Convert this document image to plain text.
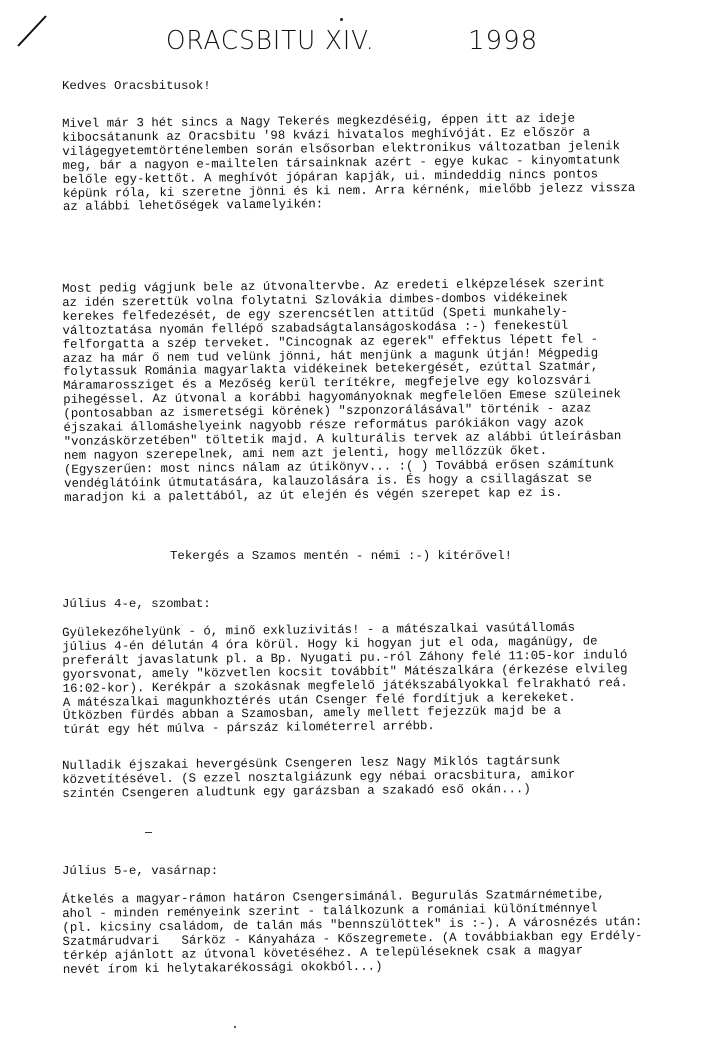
ORACSBITU XIV.	1998

Kedves Oracsbitusok!

Mivel már 3 hét sincs a Nagy Tekerés megkezdéséig, éppen itt az ideje
kibocsátanunk az Oracsbitu '98 kvázi hivatalos meghívóját. Ez először a
világegyetemtörténelemben során elsősorban elektronikus változatban jelenik
meg, bár a nagyon e-mailtelen társainknak azért - egye kukac - kinyomtatunk
belőle egy-kettőt. A meghívót jópáran kapják, ui. mindeddig nincs pontos
képünk róla, ki szeretne jönni és ki nem. Arra kérnénk, mielőbb jelezz vissza
az alábbi lehetőségek valamelyikén:

Most pedig vágjunk bele az útvonaltervbe. Az eredeti elképzelések szerint
az idén szerettük volna folytatni Szlovákia dimbes-dombos vidékeinek
kerekes felfedezését, de egy szerencsétlen attitűd (Speti munkahely-
változtatása nyomán fellépő szabadságtalanságoskodása :-) fenekestül
felforgatta a szép terveket. "Cincognak az egerek" effektus lépett fel -
azaz ha már ő nem tud velünk jönni, hát menjünk a magunk útján! Mégpedig
folytassuk Románia magyarlakta vidékeinek betekergését, ezúttal Szatmár,
Máramarossziget és a Mezőség kerül terítékre, megfejelve egy kolozsvári
pihegéssel. Az útvonal a korábbi hagyományoknak megfelelően Emese szüleinek
(pontosabban az ismeretségi körének) "szponzorálásával" történik - azaz
éjszakai állomáshelyeink nagyobb része református parókiákon vagy azok
"vonzáskörzetében" töltetik majd. A kulturális tervek az alábbi útleírásban
nem nagyon szerepelnek, ami nem azt jelenti, hogy mellőzzük őket.
(Egyszerűen: most nincs nálam az útikönyv... :( ) Továbbá erősen számítunk
vendéglátóink útmutatására, kalauzolására is. És hogy a csillagászat se
maradjon ki a palettából, az út elején és végén szerepet kap ez is.

Tekergés a Szamos mentén - némi :-) kitérővel!

Július 4-e, szombat:

Gyülekezőhelyünk - ó, minő exkluzivitás! - a mátészalkai vasútállomás
július 4-én délután 4 óra körül. Hogy ki hogyan jut el oda, magánügy, de
preferált javaslatunk pl. a Bp. Nyugati pu.-ról Záhony felé 11:05-kor induló
gyorsvonat, amely "közvetlen kocsit továbbít" Mátészalkára (érkezése elvileg
16:02-kor). Kerékpár a szokásnak megfelelő játékszabályokkal felrakható reá.
A mátészalkai magunkhoztérés után Csenger felé fordítjuk a kerekeket.
Útközben fürdés abban a Szamosban, amely mellett fejezzük majd be a
túrát egy hét múlva - párszáz kilométerrel arrébb.

Nulladik éjszakai hevergésünk Csengeren lesz Nagy Miklós tagtársunk
közvetítésével. (S ezzel nosztalgiázunk egy nébai oracsbitura, amikor
szintén Csengeren aludtunk egy garázsban a szakadó eső okán...)

Július 5-e, vasárnap:

Átkelés a magyar-rámon határon Csengersimánál. Begurulás Szatmárnémetibe,
ahol - minden reményeink szerint - találkozunk a romániai különítménnyel
(pl. kicsiny családom, de talán más "bennszülöttek" is :-). A városnézés után:
Szatmárudvari   Sárköz - Kányaháza - Kőszegremete. (A továbbiakban egy Erdély-
térkép ajánlott az útvonal követéséhez. A településeknek csak a magyar
nevét írom ki helytakarékossági okokból...)
